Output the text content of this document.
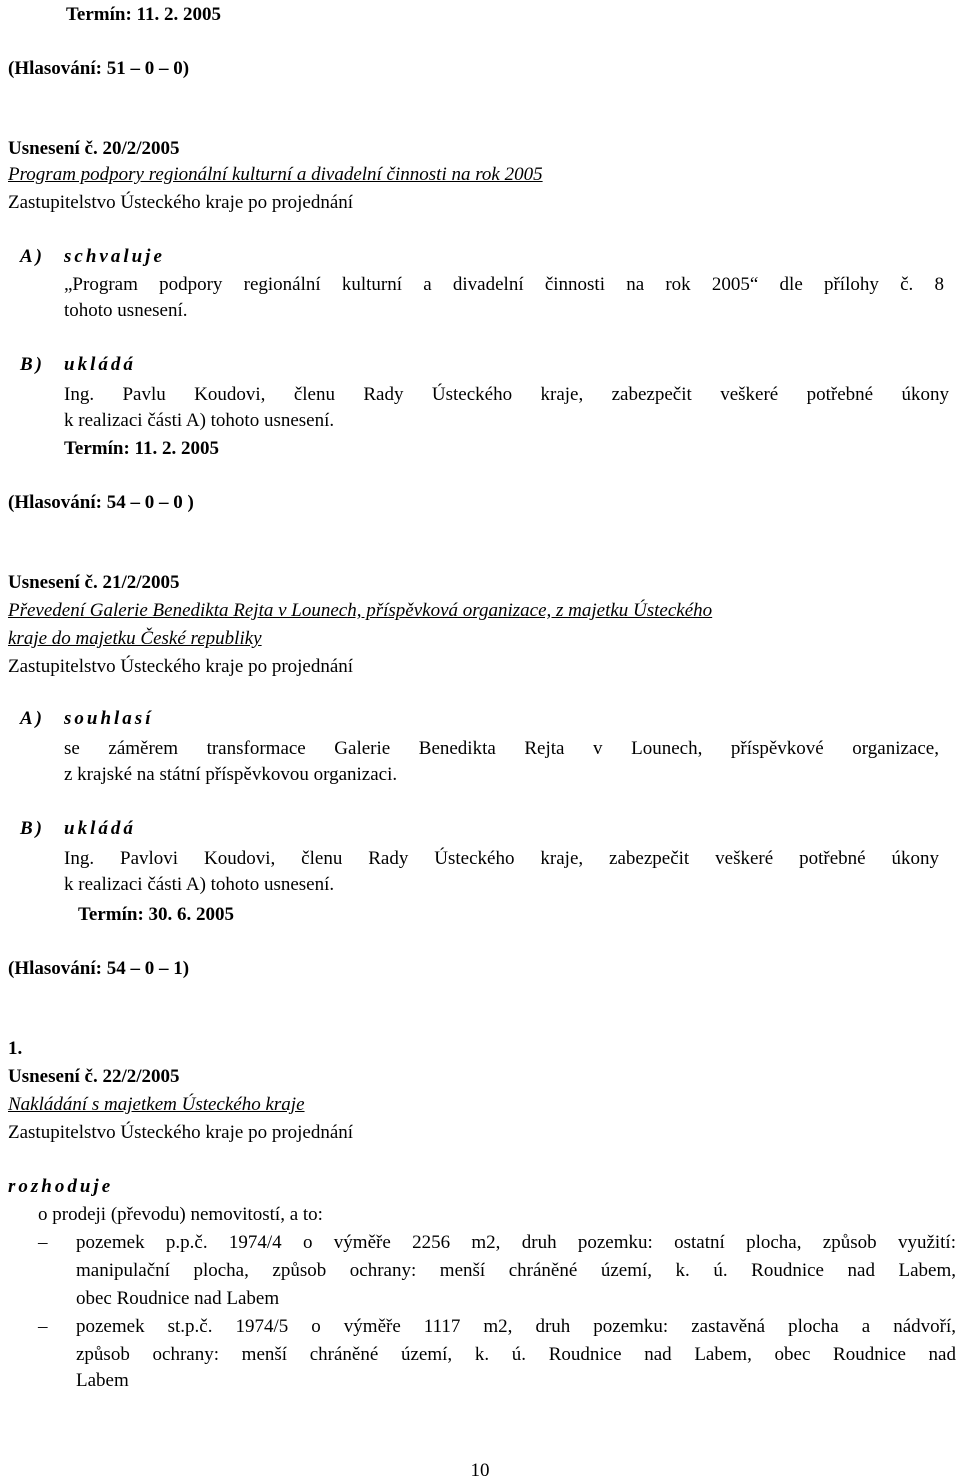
Termín: 11. 2. 2005
(Hlasování: 51 – 0 – 0)
Usnesení č. 20/2/2005
Program podpory regionální kulturní a divadelní činnosti na rok 2005
Zastupitelstvo Ústeckého kraje po projednání
A) schvaluje
„Program podpory regionální kulturní a divadelní činnosti na rok 2005“ dle přílohy č. 8
tohoto usnesení.
B) ukládá
Ing. Pavlu Koudovi, členu Rady Ústeckého kraje, zabezpečit veškeré potřebné úkony
k realizaci části A) tohoto usnesení.
Termín: 11. 2. 2005
(Hlasování: 54 – 0 – 0 )
Usnesení č. 21/2/2005
Převedení Galerie Benedikta Rejta v Lounech, příspěvková organizace, z majetku Ústeckého
kraje do majetku České republiky
Zastupitelstvo Ústeckého kraje po projednání
A) souhlasí
se záměrem transformace Galerie Benedikta Rejta v Lounech, příspěvkové organizace,
z krajské na státní příspěvkovou organizaci.
B) ukládá
Ing. Pavlovi Koudovi, členu Rady Ústeckého kraje, zabezpečit veškeré potřebné úkony
k realizaci části A) tohoto usnesení.
Termín: 30. 6. 2005
(Hlasování: 54 – 0 – 1)
1.
Usnesení č. 22/2/2005
Nakládání s majetkem Ústeckého kraje
Zastupitelstvo Ústeckého kraje po projednání
rozhoduje
o prodeji (převodu) nemovitostí, a to:
– pozemek p.p.č. 1974/4 o výměře 2256 m2, druh pozemku: ostatní plocha, způsob využití:
manipulační plocha, způsob ochrany: menší chráněné území, k. ú. Roudnice nad Labem,
obec Roudnice nad Labem
– pozemek st.p.č. 1974/5 o výměře 1117 m2, druh pozemku: zastavěná plocha a nádvoří,
způsob ochrany: menší chráněné území, k. ú. Roudnice nad Labem, obec Roudnice nad
Labem
10
